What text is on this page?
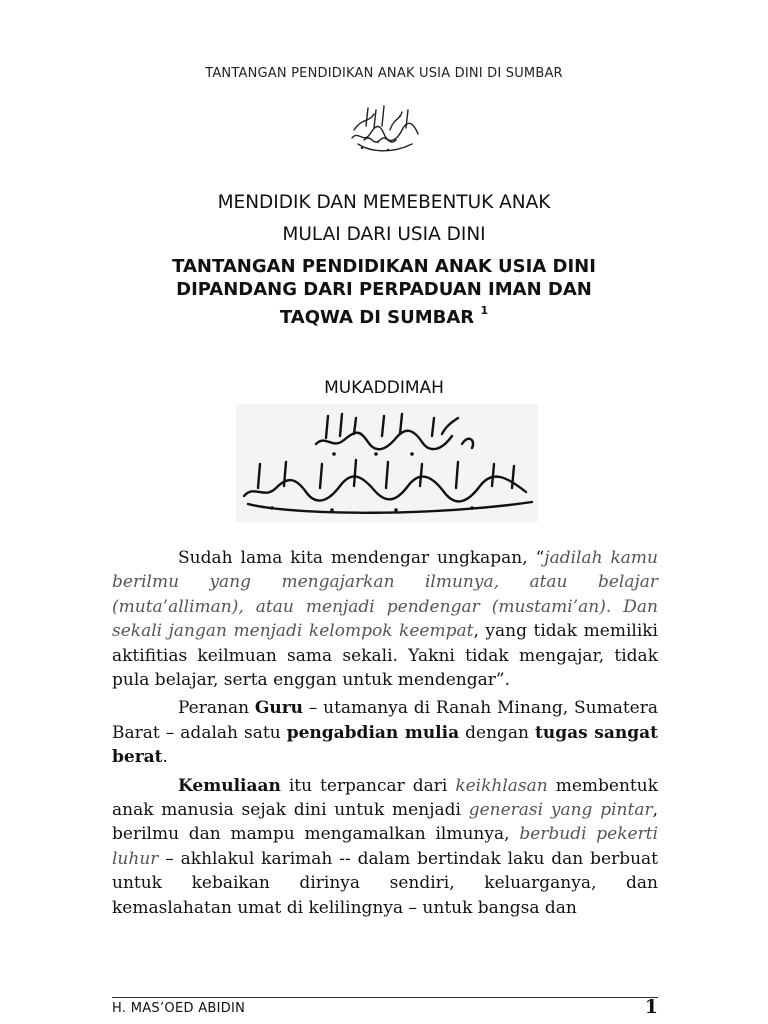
TANTANGAN PENDIDIKAN ANAK USIA DINI DI SUMBAR
MENDIDIK DAN MEMEBENTUK ANAK
MULAI DARI USIA DINI
TANTANGAN PENDIDIKAN ANAK USIA DINI
DIPANDANG DARI PERPADUAN IMAN DAN
TAQWA DI SUMBAR $^1$
MUKADDIMAH

Sudah lama kita mendengar ungkapan, “jadilah kamu berilmu yang mengajarkan ilmunya, atau belajar (muta’alliman), atau menjadi pendengar (mustami’an). Dan sekali jangan menjadi kelompok keempat, yang tidak memiliki aktifitias keilmuan sama sekali. Yakni tidak mengajar, tidak pula belajar, serta enggan untuk mendengar”.

Peranan Guru – utamanya di Ranah Minang, Sumatera Barat – adalah satu pengabdian mulia dengan tugas sangat berat.

Kemuliaan itu terpancar dari keikhlasan membentuk anak manusia sejak dini untuk menjadi generasi yang pintar, berilmu dan mampu mengamalkan ilmunya, berbudi pekerti luhur – akhlakul karimah -- dalam bertindak laku dan berbuat untuk kebaikan dirinya sendiri, keluarganya, dan kemaslahatan umat di kelilingnya – untuk bangsa dan

H. MAS’OED ABIDIN	1
